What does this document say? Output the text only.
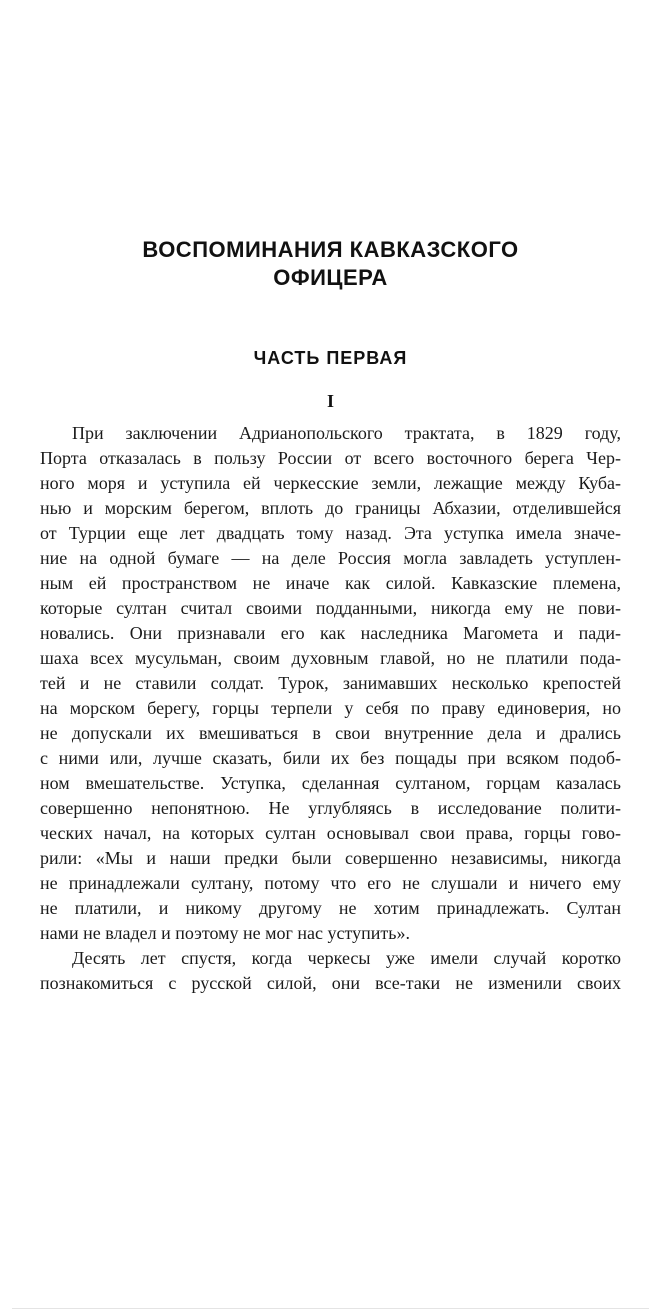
ВОСПОМИНАНИЯ КАВКАЗСКОГО ОФИЦЕРА
ЧАСТЬ ПЕРВАЯ
I
При заключении Адрианопольского трактата, в 1829 году,
Порта отказалась в пользу России от всего восточного берега Чер-
ного моря и уступила ей черкесские земли, лежащие между Куба-
нью и морским берегом, вплоть до границы Абхазии, отделившейся
от Турции еще лет двадцать тому назад. Эта уступка имела значе-
ние на одной бумаге — на деле Россия могла завладеть уступлен-
ным ей пространством не иначе как силой. Кавказские племена,
которые султан считал своими подданными, никогда ему не пови-
новались. Они признавали его как наследника Магомета и пади-
шаха всех мусульман, своим духовным главой, но не платили пода-
тей и не ставили солдат. Турок, занимавших несколько крепостей
на морском берегу, горцы терпели у себя по праву единоверия, но
не допускали их вмешиваться в свои внутренние дела и дрались
с ними или, лучше сказать, били их без пощады при всяком подоб-
ном вмешательстве. Уступка, сделанная султаном, горцам казалась
совершенно непонятною. Не углубляясь в исследование полити-
ческих начал, на которых султан основывал свои права, горцы гово-
рили: «Мы и наши предки были совершенно независимы, никогда
не принадлежали султану, потому что его не слушали и ничего ему
не платили, и никому другому не хотим принадлежать. Султан
нами не владел и поэтому не мог нас уступить».
Десять лет спустя, когда черкесы уже имели случай коротко
познакомиться с русской силой, они все-таки не изменили своих
